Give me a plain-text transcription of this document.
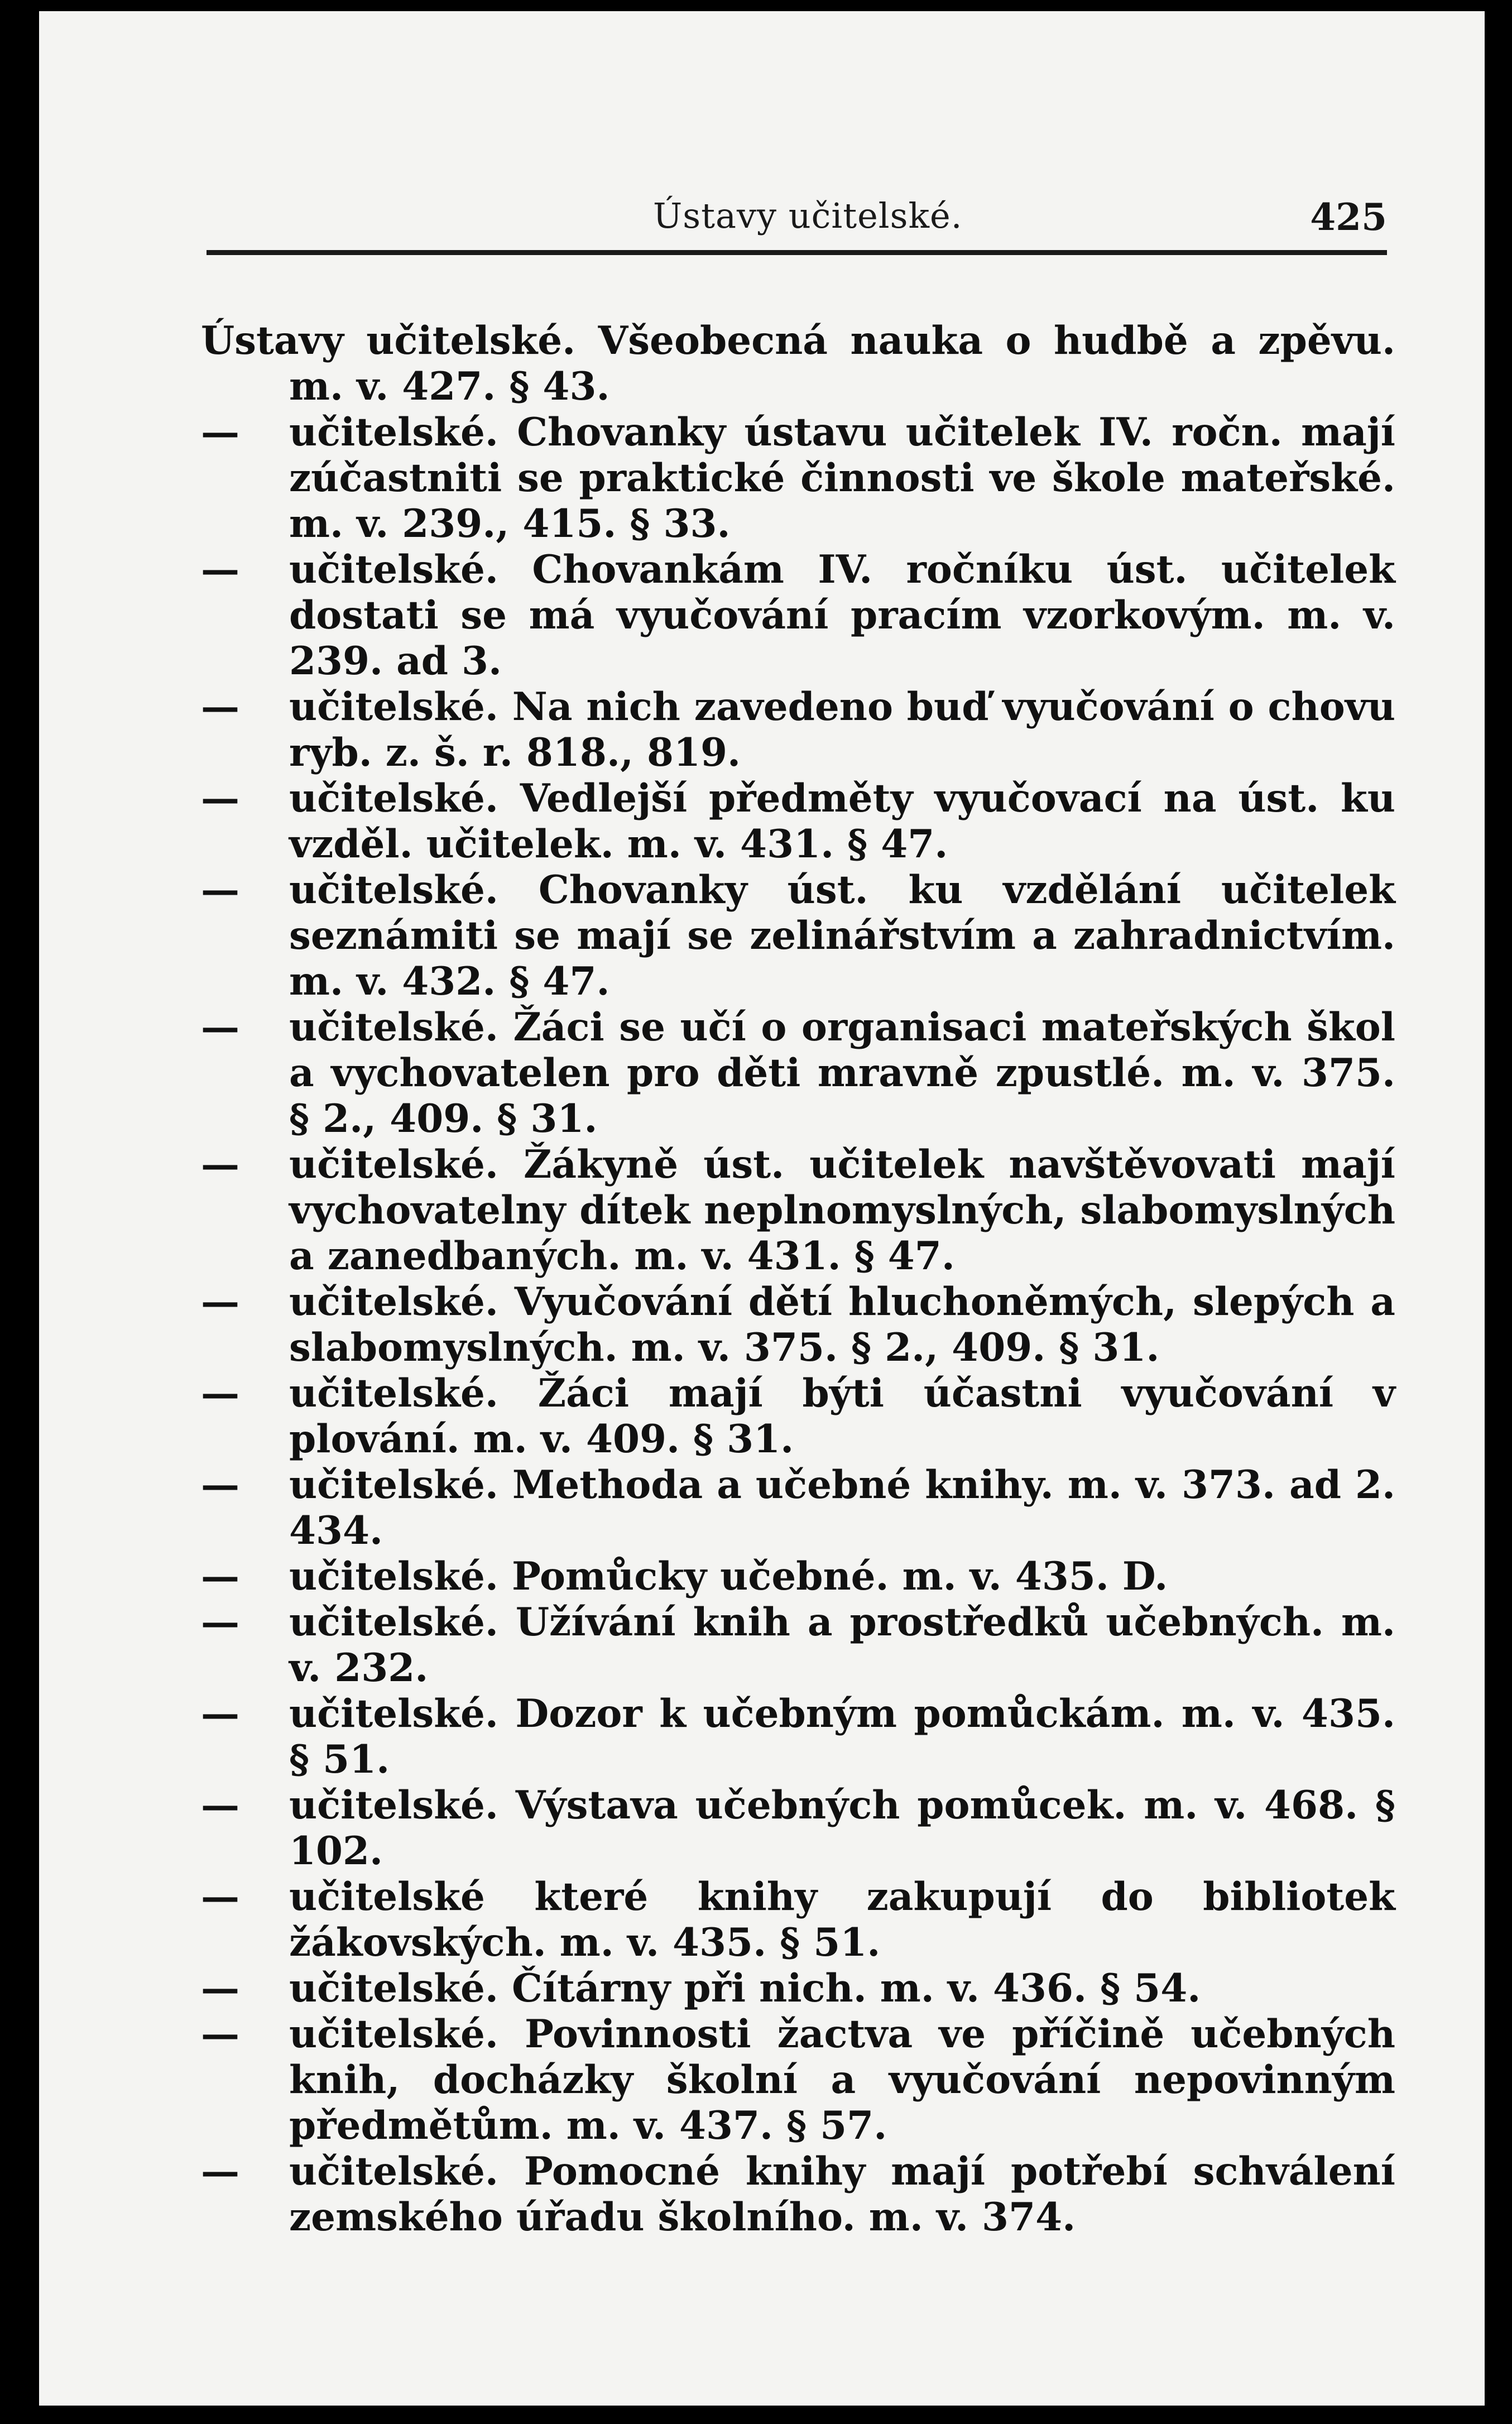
Ústavy učitelské.	425

Ústavy učitelské. Všeobecná nauka o hudbě a zpěvu. m. v. 427. § 43.

— učitelské. Chovanky ústavu učitelek IV. ročn. mají zúčastniti se praktické činnosti ve škole mateřské. m. v. 239., 415. § 33.

— učitelské. Chovankám IV. ročníku úst. učitelek dostati se má vyučování pracím vzorkovým. m. v. 239. ad 3.

— učitelské. Na nich zavedeno buď vyučování o chovu ryb. z. š. r. 818., 819.

— učitelské. Vedlejší předměty vyučovací na úst. ku vzděl. učitelek. m. v. 431. § 47.

— učitelské. Chovanky úst. ku vzdělání učitelek seznámiti se mají se zelinářstvím a zahradnictvím. m. v. 432. § 47.

— učitelské. Žáci se učí o organisaci mateřských škol a vychovatelen pro děti mravně zpustlé. m. v. 375. § 2., 409. § 31.

— učitelské. Žákyně úst. učitelek navštěvovati mají vychovatelny dítek neplnomyslných, slabomyslných a zanedbaných. m. v. 431. § 47.

— učitelské. Vyučování dětí hluchoněmých, slepých a slabomyslných. m. v. 375. § 2., 409. § 31.

— učitelské. Žáci mají býti účastni vyučování v plování. m. v. 409. § 31.

— učitelské. Methoda a učebné knihy. m. v. 373. ad 2. 434.

— učitelské. Pomůcky učebné. m. v. 435. D.

— učitelské. Užívání knih a prostředků učebných. m. v. 232.

— učitelské. Dozor k učebným pomůckám. m. v. 435. § 51.

— učitelské. Výstava učebných pomůcek. m. v. 468. § 102.

— učitelské které knihy zakupují do bibliotek žákovských. m. v. 435. § 51.

— učitelské. Čítárny při nich. m. v. 436. § 54.

— učitelské. Povinnosti žactva ve příčině učebných knih, docházky školní a vyučování nepovinným předmětům. m. v. 437. § 57.

— učitelské. Pomocné knihy mají potřebí schválení zemského úřadu školního. m. v. 374.
